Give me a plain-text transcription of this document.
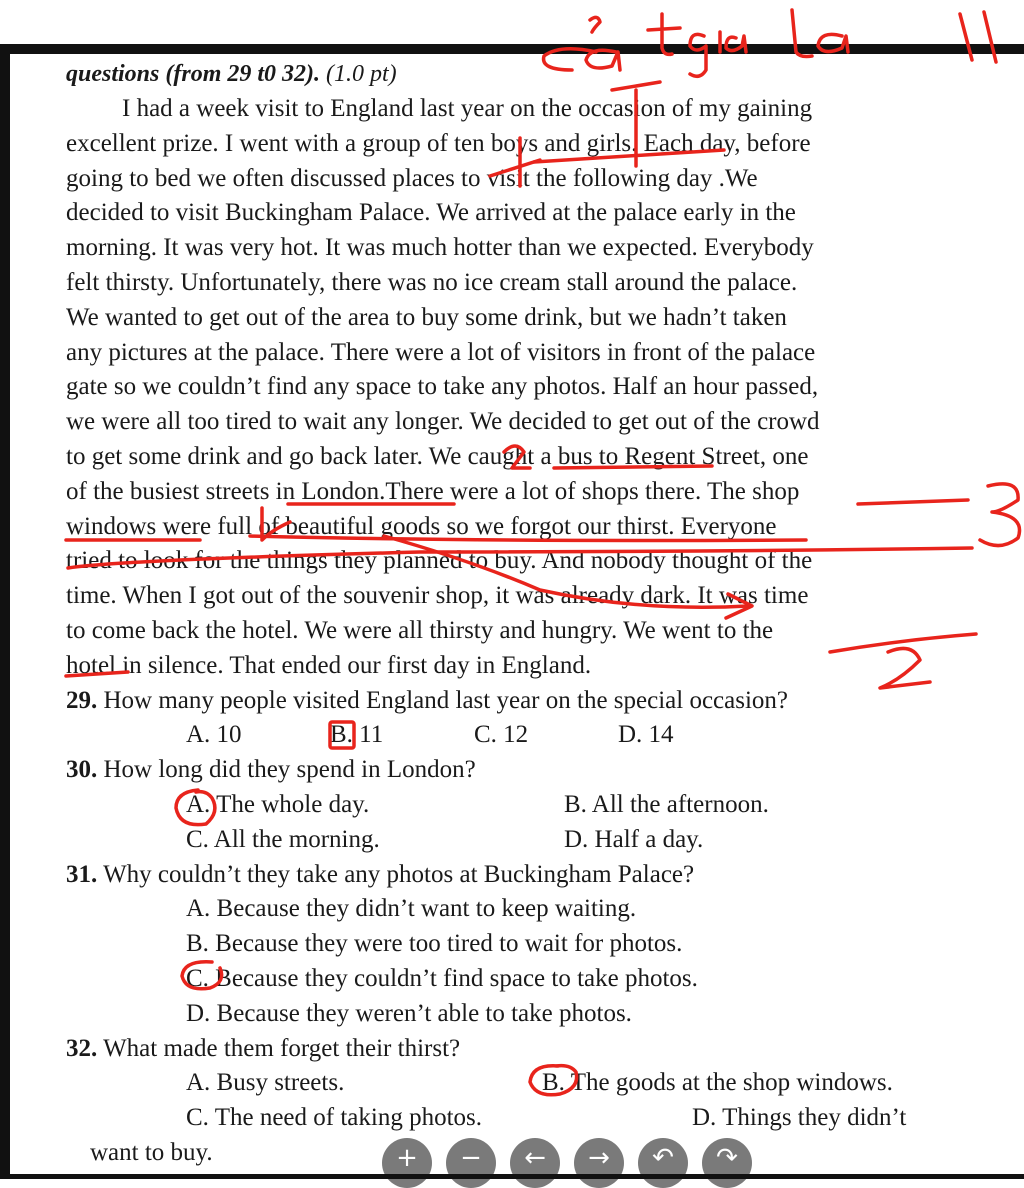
questions (from 29 t0 32). (1.0 pt)
I had a week visit to England last year on the occasion of my gaining
excellent prize. I went with a group of ten boys and girls. Each day, before
going to bed we often discussed places to visit the following day .We
decided to visit Buckingham Palace. We arrived at the palace early in the
morning. It was very hot. It was much hotter than we expected. Everybody
felt thirsty. Unfortunately, there was no ice cream stall around the palace.
We wanted to get out of the area to buy some drink, but we hadn’t taken
any pictures at the palace. There were a lot of visitors in front of the palace
gate so we couldn’t find any space to take any photos. Half an hour passed,
we were all too tired to wait any longer. We decided to get out of the crowd
to get some drink and go back later. We caught a bus to Regent Street, one
of the busiest streets in London.There were a lot of shops there. The shop
windows were full of beautiful goods so we forgot our thirst. Everyone
tried to look for the things they planned to buy. And nobody thought of the
time. When I got out of the souvenir shop, it was already dark. It was time
to come back the hotel. We were all thirsty and hungry. We went to the
hotel in silence. That ended our first day in England.
29. How many people visited England last year on the special occasion?
A. 10	B. 11	C. 12	D. 14
30. How long did they spend in London?
A. The whole day.	B. All the afternoon.
C. All the morning.	D. Half a day.
31. Why couldn’t they take any photos at Buckingham Palace?
A. Because they didn’t want to keep waiting.
B. Because they were too tired to wait for photos.
C. Because they couldn’t find space to take photos.
D. Because they weren’t able to take photos.
32. What made them forget their thirst?
A. Busy streets.	B. The goods at the shop windows.
C. The need of taking photos.	D. Things they didn’t
want to buy.	+	−	←	→	↶	↷
